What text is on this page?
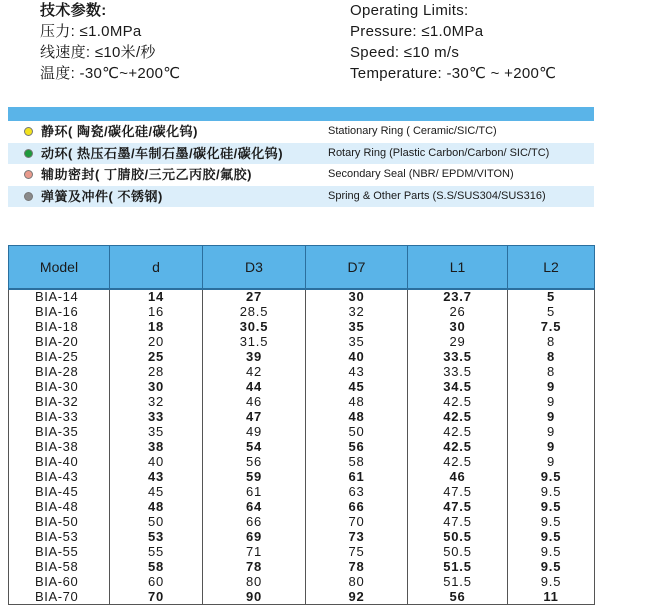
技术参数:
压力: ≤1.0MPa
线速度: ≤10米/秒
温度: -30℃~+200℃
Operating Limits:
Pressure: ≤1.0MPa
Speed: ≤10 m/s
Temperature: -30℃ ~ +200℃
静环( 陶瓷/碳化硅/碳化钨)	Stationary Ring ( Ceramic/SIC/TC)
动环( 热压石墨/车制石墨/碳化硅/碳化钨)	Rotary Ring (Plastic Carbon/Carbon/ SIC/TC)
辅助密封( 丁腈胶/三元乙丙胶/氟胶)	Secondary Seal (NBR/ EPDM/VITON)
弹簧及冲件( 不锈钢)	Spring & Other Parts (S.S/SUS304/SUS316)
Model	d	D3	D7	L1	L2
BIA-14	14	27	30	23.7	5
BIA-16	16	28.5	32	26	5
BIA-18	18	30.5	35	30	7.5
BIA-20	20	31.5	35	29	8
BIA-25	25	39	40	33.5	8
BIA-28	28	42	43	33.5	8
BIA-30	30	44	45	34.5	9
BIA-32	32	46	48	42.5	9
BIA-33	33	47	48	42.5	9
BIA-35	35	49	50	42.5	9
BIA-38	38	54	56	42.5	9
BIA-40	40	56	58	42.5	9
BIA-43	43	59	61	46	9.5
BIA-45	45	61	63	47.5	9.5
BIA-48	48	64	66	47.5	9.5
BIA-50	50	66	70	47.5	9.5
BIA-53	53	69	73	50.5	9.5
BIA-55	55	71	75	50.5	9.5
BIA-58	58	78	78	51.5	9.5
BIA-60	60	80	80	51.5	9.5
BIA-70	70	90	92	56	11
